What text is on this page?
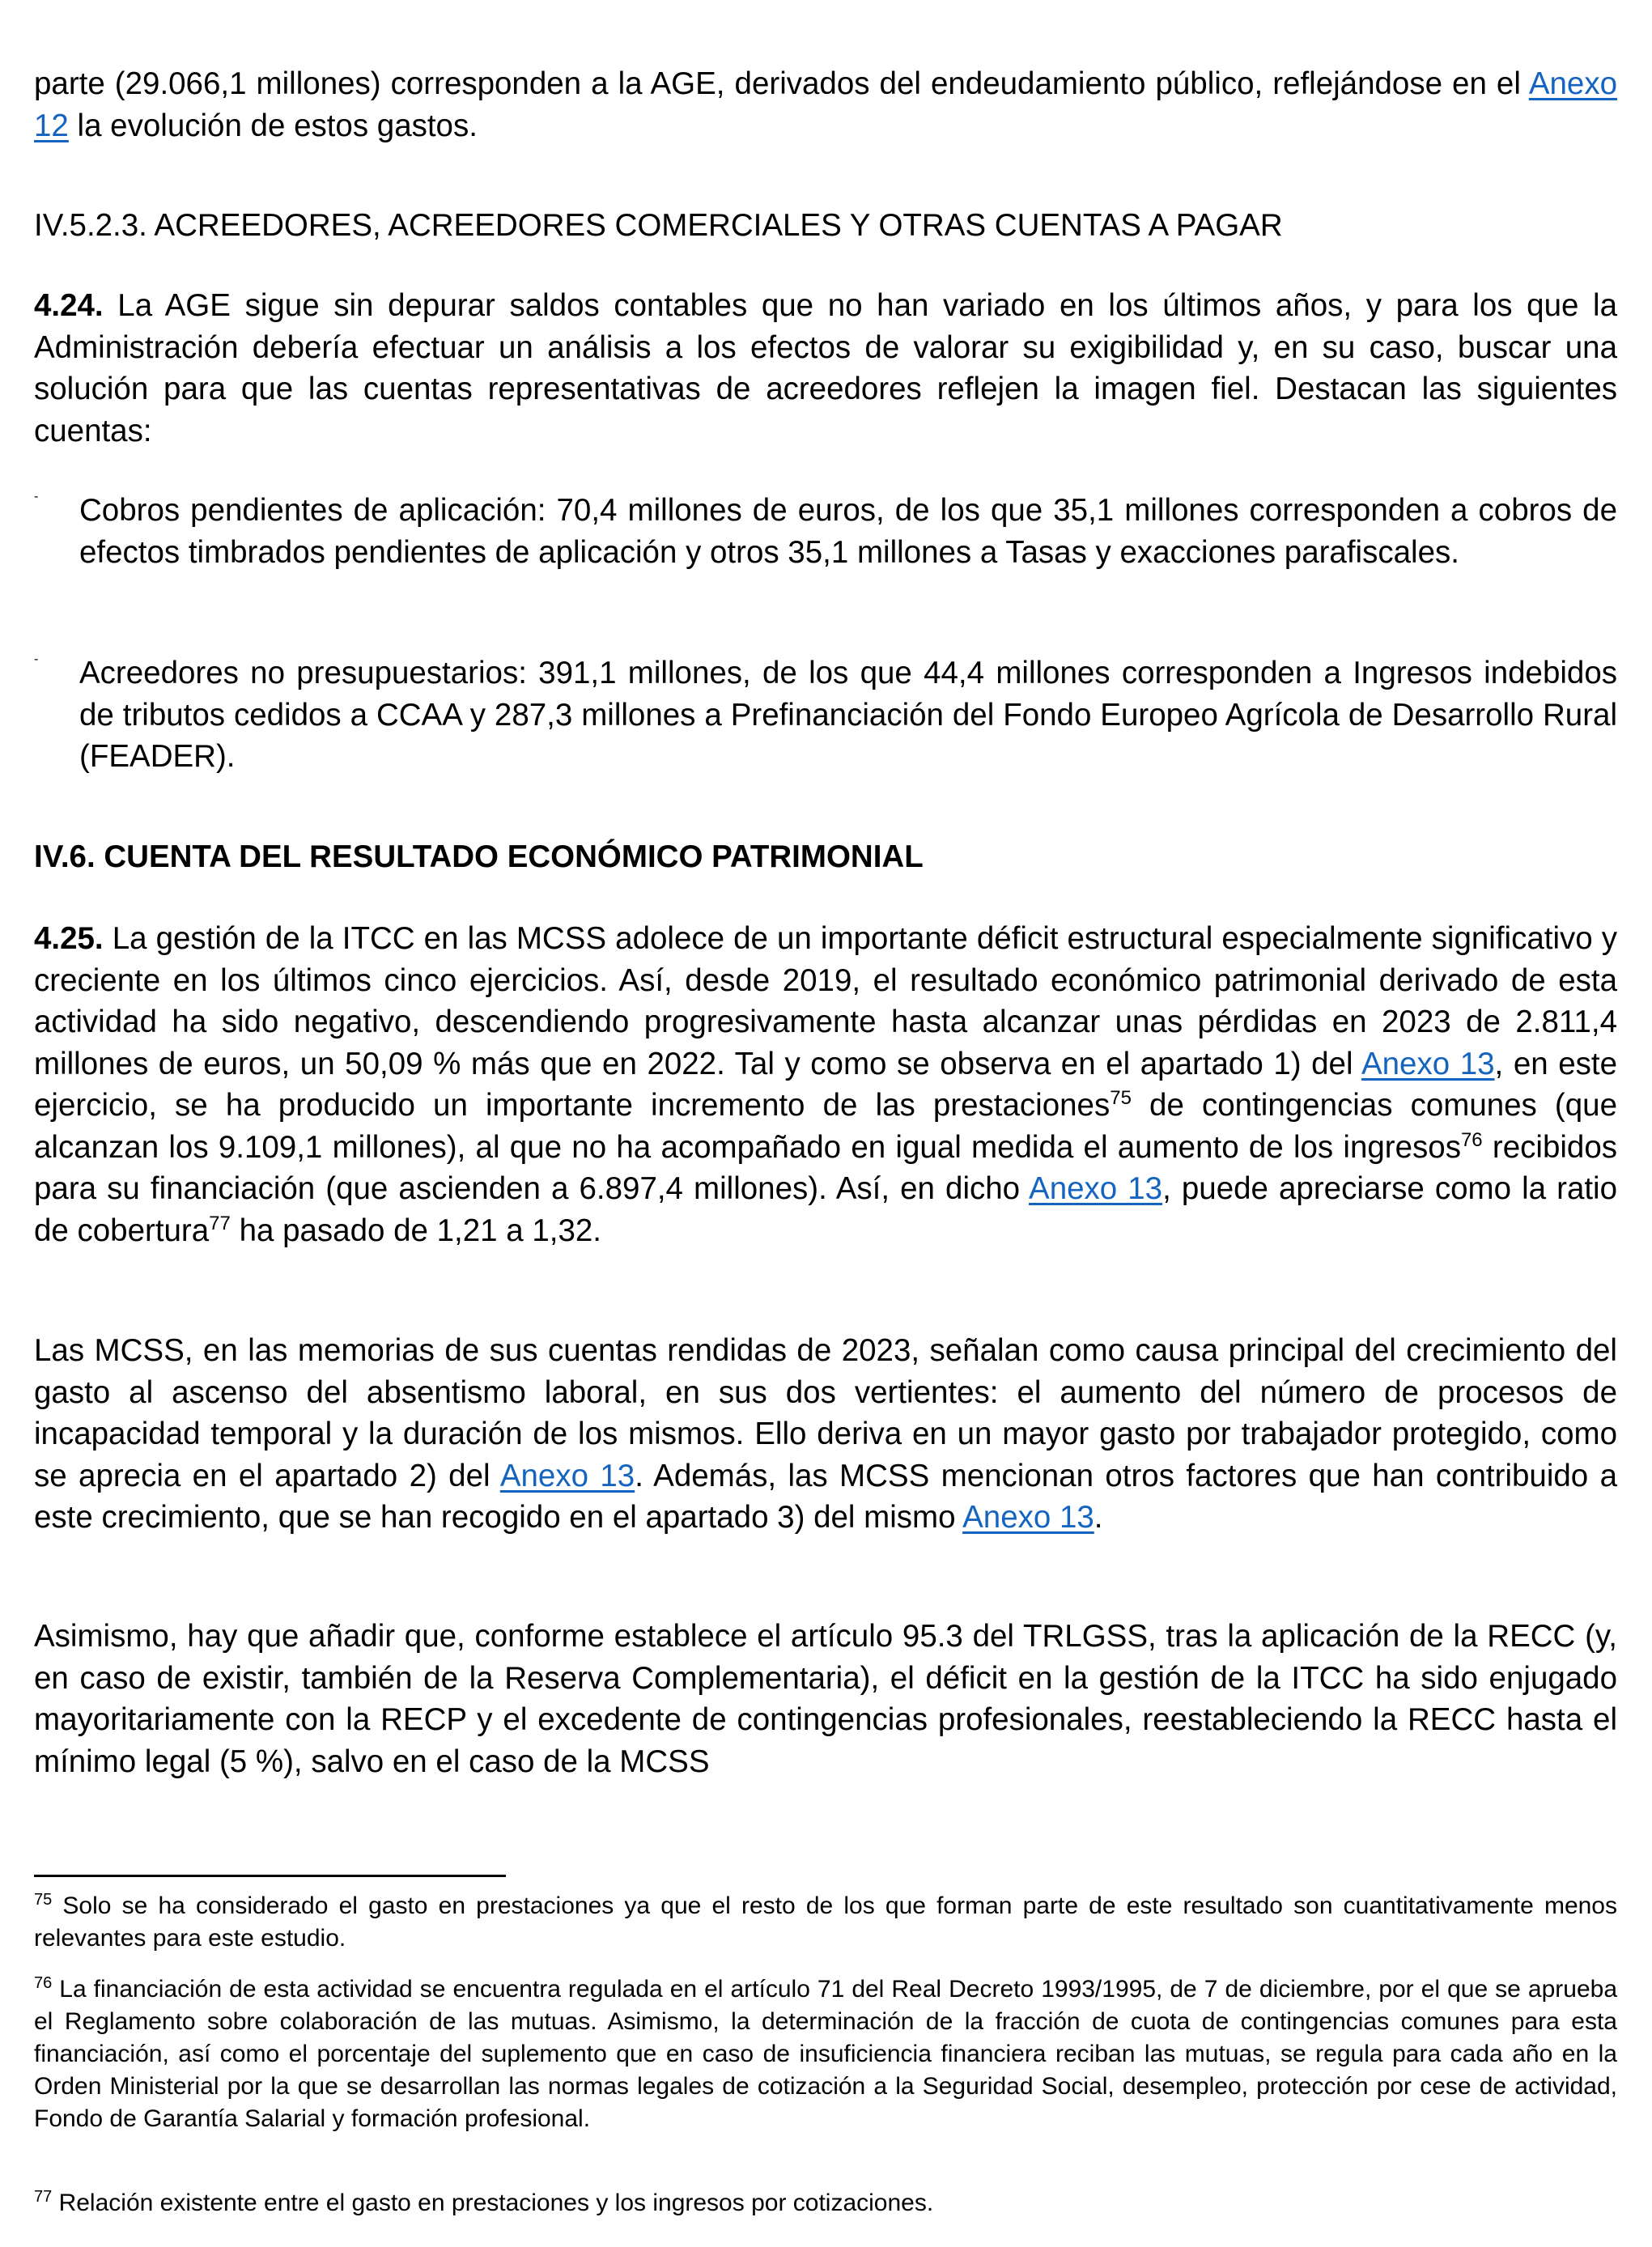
parte (29.066,1 millones) corresponden a la AGE, derivados del endeudamiento público, reflejándose en el Anexo 12 la evolución de estos gastos.

IV.5.2.3. ACREEDORES, ACREEDORES COMERCIALES Y OTRAS CUENTAS A PAGAR

4.24. La AGE sigue sin depurar saldos contables que no han variado en los últimos años, y para los que la Administración debería efectuar un análisis a los efectos de valorar su exigibilidad y, en su caso, buscar una solución para que las cuentas representativas de acreedores reflejen la imagen fiel. Destacan las siguientes cuentas:

-	Cobros pendientes de aplicación: 70,4 millones de euros, de los que 35,1 millones corresponden a cobros de efectos timbrados pendientes de aplicación y otros 35,1 millones a Tasas y exacciones parafiscales.

-	Acreedores no presupuestarios: 391,1 millones, de los que 44,4 millones corresponden a Ingresos indebidos de tributos cedidos a CCAA y 287,3 millones a Prefinanciación del Fondo Europeo Agrícola de Desarrollo Rural (FEADER).

IV.6. CUENTA DEL RESULTADO ECONÓMICO PATRIMONIAL

4.25. La gestión de la ITCC en las MCSS adolece de un importante déficit estructural especialmente significativo y creciente en los últimos cinco ejercicios. Así, desde 2019, el resultado económico patrimonial derivado de esta actividad ha sido negativo, descendiendo progresivamente hasta alcanzar unas pérdidas en 2023 de 2.811,4 millones de euros, un 50,09 % más que en 2022. Tal y como se observa en el apartado 1) del Anexo 13, en este ejercicio, se ha producido un importante incremento de las prestaciones$^{75}$ de contingencias comunes (que alcanzan los 9.109,1 millones), al que no ha acompañado en igual medida el aumento de los ingresos$^{76}$ recibidos para su financiación (que ascienden a 6.897,4 millones). Así, en dicho Anexo 13, puede apreciarse como la ratio de cobertura$^{77}$ ha pasado de 1,21 a 1,32.

Las MCSS, en las memorias de sus cuentas rendidas de 2023, señalan como causa principal del crecimiento del gasto al ascenso del absentismo laboral, en sus dos vertientes: el aumento del número de procesos de incapacidad temporal y la duración de los mismos. Ello deriva en un mayor gasto por trabajador protegido, como se aprecia en el apartado 2) del Anexo 13. Además, las MCSS mencionan otros factores que han contribuido a este crecimiento, que se han recogido en el apartado 3) del mismo Anexo 13.

Asimismo, hay que añadir que, conforme establece el artículo 95.3 del TRLGSS, tras la aplicación de la RECC (y, en caso de existir, también de la Reserva Complementaria), el déficit en la gestión de la ITCC ha sido enjugado mayoritariamente con la RECP y el excedente de contingencias profesionales, reestableciendo la RECC hasta el mínimo legal (5 %), salvo en el caso de la MCSS

$^{75}$ Solo se ha considerado el gasto en prestaciones ya que el resto de los que forman parte de este resultado son cuantitativamente menos relevantes para este estudio.

$^{76}$ La financiación de esta actividad se encuentra regulada en el artículo 71 del Real Decreto 1993/1995, de 7 de diciembre, por el que se aprueba el Reglamento sobre colaboración de las mutuas. Asimismo, la determinación de la fracción de cuota de contingencias comunes para esta financiación, así como el porcentaje del suplemento que en caso de insuficiencia financiera reciban las mutuas, se regula para cada año en la Orden Ministerial por la que se desarrollan las normas legales de cotización a la Seguridad Social, desempleo, protección por cese de actividad, Fondo de Garantía Salarial y formación profesional.

$^{77}$ Relación existente entre el gasto en prestaciones y los ingresos por cotizaciones.
